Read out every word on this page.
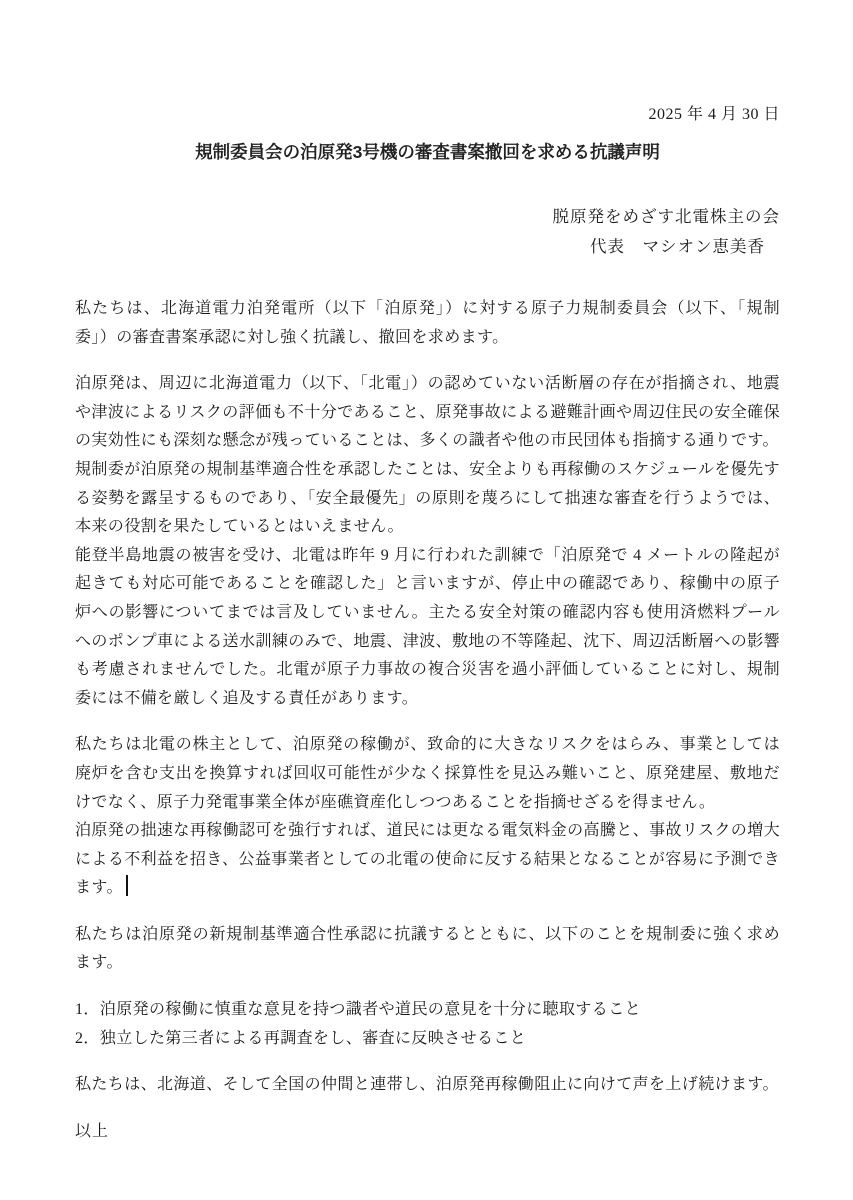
2025 年 4 月 30 日
規制委員会の泊原発3号機の審査書案撤回を求める抗議声明
脱原発をめざす北電株主の会
代表　マシオン恵美香

私たちは、北海道電力泊発電所（以下「泊原発」）に対する原子力規制委員会（以下、「規制委」）の審査書案承認に対し強く抗議し、撤回を求めます。

泊原発は、周辺に北海道電力（以下、「北電」）の認めていない活断層の存在が指摘され、地震や津波によるリスクの評価も不十分であること、原発事故による避難計画や周辺住民の安全確保の実効性にも深刻な懸念が残っていることは、多くの識者や他の市民団体も指摘する通りです。

規制委が泊原発の規制基準適合性を承認したことは、安全よりも再稼働のスケジュールを優先する姿勢を露呈するものであり、「安全最優先」の原則を蔑ろにして拙速な審査を行うようでは、本来の役割を果たしているとはいえません。

能登半島地震の被害を受け、北電は昨年 9 月に行われた訓練で「泊原発で 4 メートルの隆起が起きても対応可能であることを確認した」と言いますが、停止中の確認であり、稼働中の原子炉への影響についてまでは言及していません。主たる安全対策の確認内容も使用済燃料プールへのポンプ車による送水訓練のみで、地震、津波、敷地の不等隆起、沈下、周辺活断層への影響も考慮されませんでした。北電が原子力事故の複合災害を過小評価していることに対し、規制委には不備を厳しく追及する責任があります。

私たちは北電の株主として、泊原発の稼働が、致命的に大きなリスクをはらみ、事業としては廃炉を含む支出を換算すれば回収可能性が少なく採算性を見込み難いこと、原発建屋、敷地だけでなく、原子力発電事業全体が座礁資産化しつつあることを指摘せざるを得ません。

泊原発の拙速な再稼働認可を強行すれば、道民には更なる電気料金の高騰と、事故リスクの増大による不利益を招き、公益事業者としての北電の使命に反する結果となることが容易に予測できます。

私たちは泊原発の新規制基準適合性承認に抗議するとともに、以下のことを規制委に強く求めます。

1．泊原発の稼働に慎重な意見を持つ識者や道民の意見を十分に聴取すること

2．独立した第三者による再調査をし、審査に反映させること

私たちは、北海道、そして全国の仲間と連帯し、泊原発再稼働阻止に向けて声を上げ続けます。

以上
